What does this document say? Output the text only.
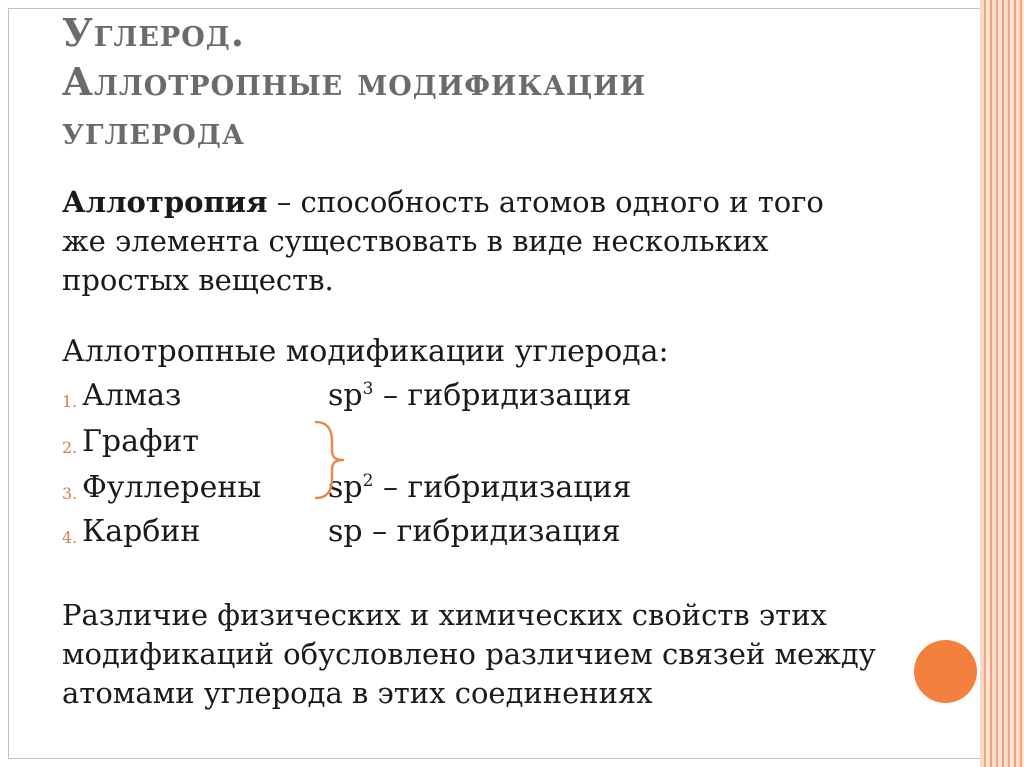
Углерод.
Аллотропные модификации
углерода

Аллотропия – способность атомов одного и того же элемента существовать в виде нескольких простых веществ.

Аллотропные модификации углерода:

1. Алмаз	$sp^3$ – гибридизация
2. Графит
3. Фуллерены $sp^2$ – гибридизация
4. Карбин	sp – гибридизация

Различие физических и химических свойств этих модификаций обусловлено различием связей между атомами углерода в этих соединениях
